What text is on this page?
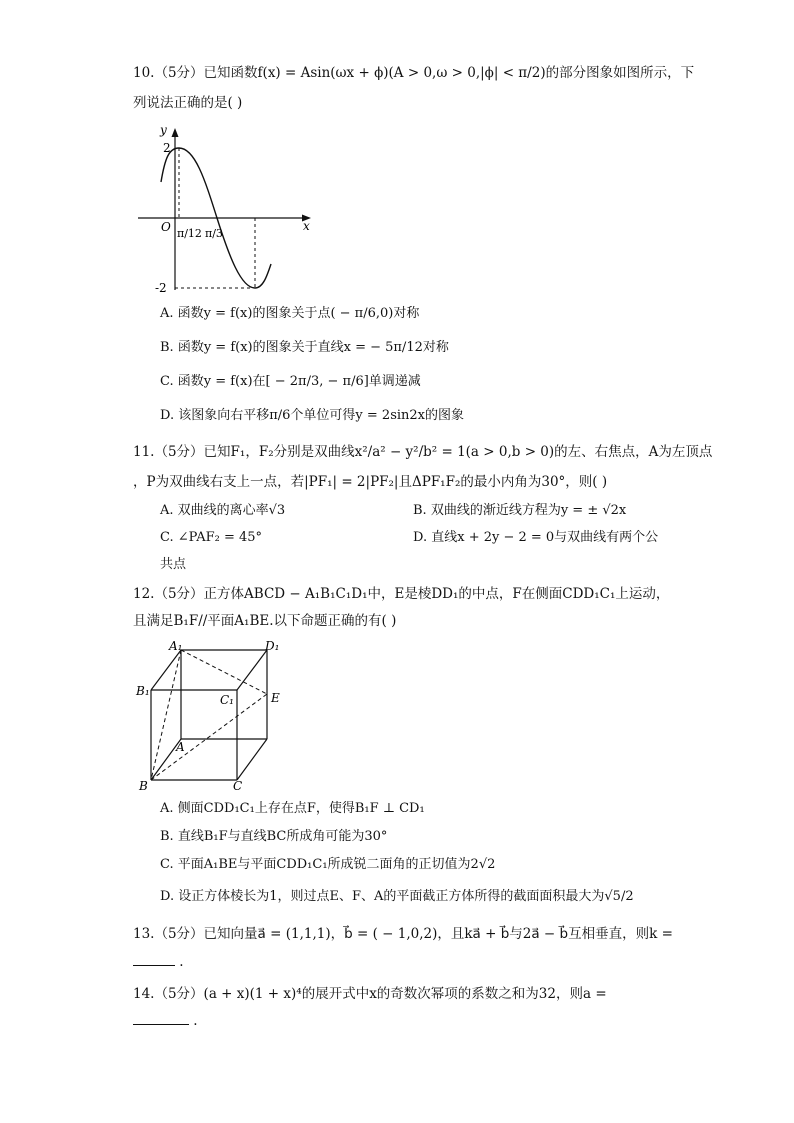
10.（5分）已知函数f(x) = Asin(ωx + ϕ)(A > 0,ω > 0,|ϕ| < π/2)的部分图象如图所示，下
列说法正确的是( )
y
x
O
2
-2
π/12 π/3
A. 函数y = f(x)的图象关于点( − π/6,0)对称
B. 函数y = f(x)的图象关于直线x = − 5π/12对称
C. 函数y = f(x)在[ − 2π/3, − π/6]单调递减
D. 该图象向右平移π/6个单位可得y = 2sin2x的图象
11.（5分）已知F₁，F₂分别是双曲线x²/a² − y²/b² = 1(a > 0,b > 0)的左、右焦点，A为左顶点
，P为双曲线右支上一点，若|PF₁| = 2|PF₂|且ΔPF₁F₂的最小内角为30°，则( )
A. 双曲线的离心率√3	B. 双曲线的渐近线方程为y = ± √2x
C. ∠PAF₂ = 45°	D. 直线x + 2y − 2 = 0与双曲线有两个公
共点
12.（5分）正方体ABCD − A₁B₁C₁D₁中，E是棱DD₁的中点，F在侧面CDD₁C₁上运动，
且满足B₁F//平面A₁BE.以下命题正确的有( )
A₁	D₁
B₁
C₁	E
A
B	C
A. 侧面CDD₁C₁上存在点F，使得B₁F ⊥ CD₁
B. 直线B₁F与直线BC所成角可能为30°
C. 平面A₁BE与平面CDD₁C₁所成锐二面角的正切值为2√2
D. 设正方体棱长为1，则过点E、F、A的平面截正方体所得的截面面积最大为√5/2
13.（5分）已知向量a⃗ = (1,1,1)，b⃗ = ( − 1,0,2)，且ka⃗ + b⃗与2a⃗ − b⃗互相垂直，则k =
.
14.（5分）(a + x)(1 + x)⁴的展开式中x的奇数次幂项的系数之和为32，则a =
.
